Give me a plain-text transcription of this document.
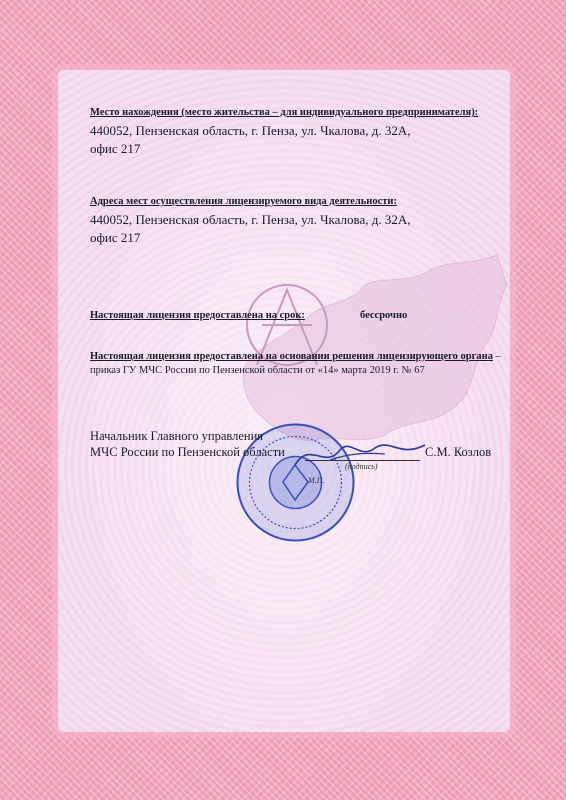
Место нахождения (место жительства – для индивидуального предпринимателя):
440052, Пензенская область, г. Пенза, ул. Чкалова, д. 32А,
офис 217
Адреса мест осуществления лицензируемого вида деятельности:
440052, Пензенская область, г. Пенза, ул. Чкалова, д. 32А,
офис 217
Настоящая лицензия предоставлена на срок:	бессрочно
Настоящая лицензия предоставлена на основании решения лицензирующего органа – приказ ГУ МЧС России по Пензенской области от «14» марта 2019 г. № 67
Начальник Главного управления
МЧС России по Пензенской области	С.М. Козлов
(подпись)
М.П.
